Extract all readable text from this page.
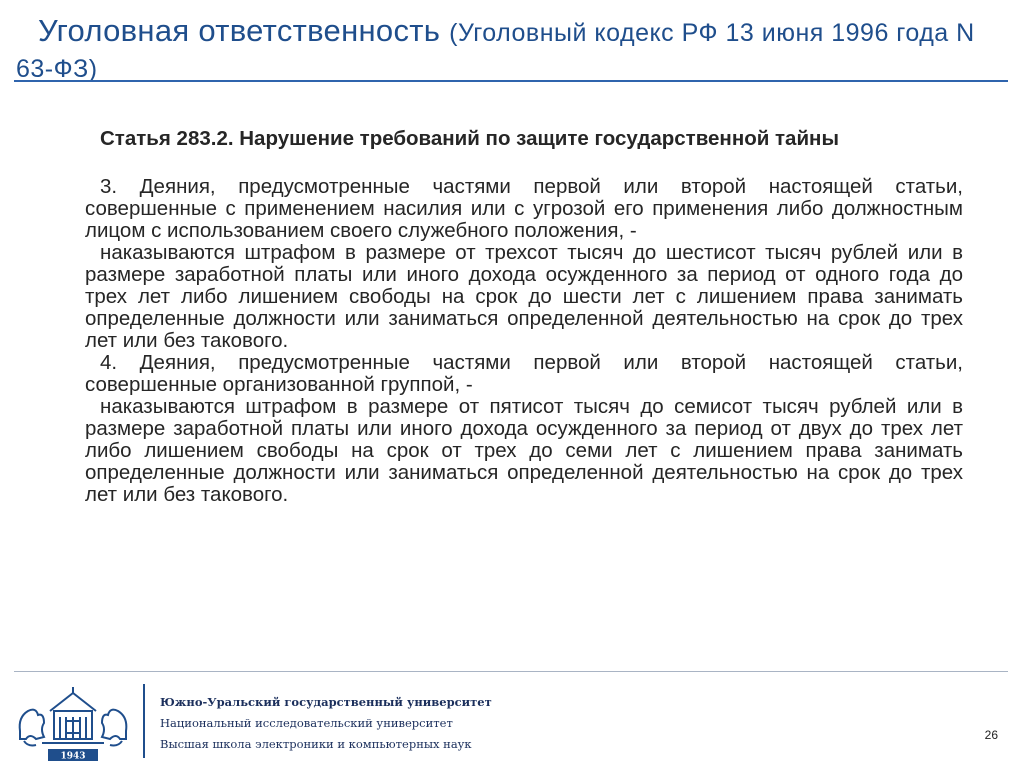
Уголовная ответственность (Уголовный кодекс РФ 13 июня 1996 года N 63-ФЗ)

Статья 283.2. Нарушение требований по защите государственной тайны

3. Деяния, предусмотренные частями первой или второй настоящей статьи, совершенные с применением насилия или с угрозой его применения либо должностным лицом с использованием своего служебного положения, -

наказываются штрафом в размере от трехсот тысяч до шестисот тысяч рублей или в размере заработной платы или иного дохода осужденного за период от одного года до трех лет либо лишением свободы на срок до шести лет с лишением права занимать определенные должности или заниматься определенной деятельностью на срок до трех лет или без такового.

4. Деяния, предусмотренные частями первой или второй настоящей статьи, совершенные организованной группой, -

наказываются штрафом в размере от пятисот тысяч до семисот тысяч рублей или в размере заработной платы или иного дохода осужденного за период от двух до трех лет либо лишением свободы на срок от трех до семи лет с лишением права занимать определенные должности или заниматься определенной деятельностью на срок до трех лет или без такового.

1943
Южно-Уральский государственный университет
Национальный исследовательский университет
Высшая школа электроники и компьютерных наук
26
